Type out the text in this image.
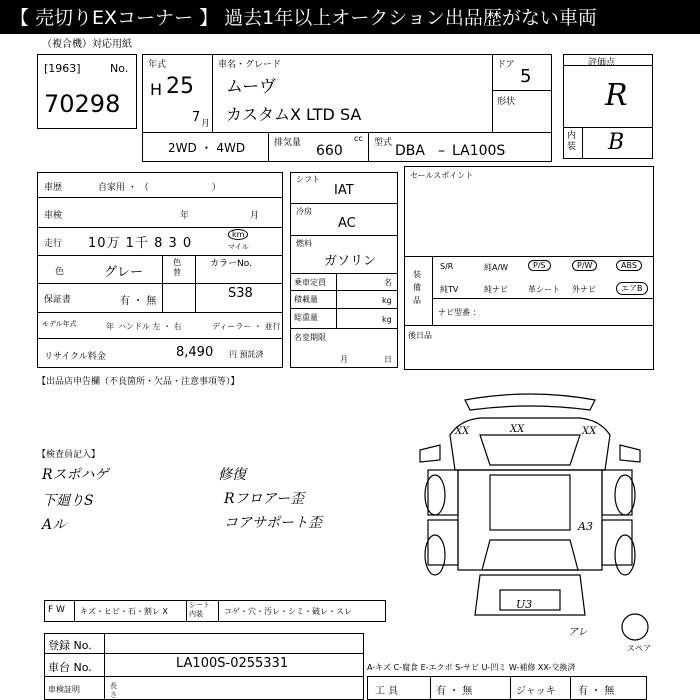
【 売切りEXコーナー 】 過去1年以上オークション出品歴がない車両
（複合機）対応用紙
[1963]	No.
70298
年式
H 25
7 月
車名・グレード
ムーヴ
カスタムX LTD SA
ドア
5
形状
2WD ・ 4WD	排気量	cc
660	型式 DBA – LA100S
評価点
R
内装 B
車歴	自家用 ・ （　　　　　　　）
車検	年	月
走行 10万 1千 8 3 0
km
マイル
色	グレー
色替
カラーNo.
S38
保証書	有 ・ 無
モデル年式	年 ハンドル 左 ・ 右	ディーラー ・ 並行
リサイクル料金	8,490 円 預託済
シフト
IAT
冷房
AC
燃料
ガソリン
乗車定員	名
積載量	kg
総重量	kg
名変期限
月	日
セールスポイント
装備品
S/R	純A/W	P/S	P/W	ABS
純TV	純ナビ	革シート 外ナビ	エアB
ナビ型番 ：
後日品
【出品店申告欄（不良箇所・欠品・注意事項等）】
【検査員記入】
Rスポハゲ
下廻りS
Aル
修復
Rフロアー歪
コアサポート歪
XX	XX	XX
A3
U3
アレ
スペア
F W キズ・ヒビ・石・割レ X
シート内装	コゲ・穴・汚レ・シミ・破レ・スレ
登録 No.
車台 No.	LA100S-0255331
車検証明	長さ
A-キズ C-腐食 E-エクボ S-サビ U-凹ミ W-補修 XX-交換済
工 具	有 ・ 無	ジャッキ 有 ・ 無
